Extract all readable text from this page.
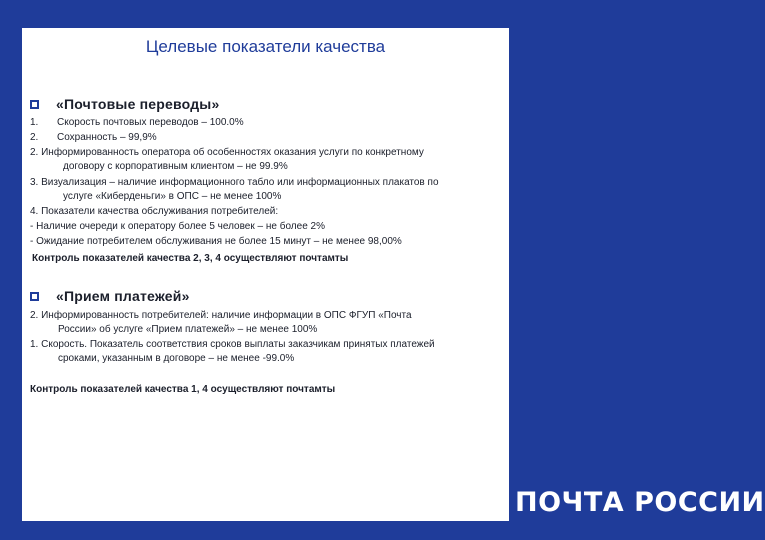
Целевые показатели качества
«Почтовые переводы»
1. Скорость почтовых переводов – 100.0%
2. Сохранность – 99,9%
2. Информированность оператора об особенностях оказания услуги по конкретному
договору с корпоративным клиентом – не 99.9%
3. Визуализация – наличие информационного табло или информационных плакатов по
услуге «Киберденьги» в ОПС – не менее 100%
4. Показатели качества обслуживания потребителей:
- Наличие очереди к оператору более 5 человек – не более 2%
- Ожидание потребителем обслуживания не более 15 минут – не менее 98,00%
Контроль показателей качества 2, 3, 4 осуществляют почтамты
«Прием платежей»
2. Информированность потребителей: наличие информации в ОПС ФГУП «Почта
России» об услуге «Прием платежей» – не менее 100%
1. Скорость. Показатель соответствия сроков выплаты заказчикам принятых платежей
сроками, указанным в договоре – не менее -99.0%
Контроль показателей качества 1, 4 осуществляют почтамты
ПОЧТА РОССИИ
